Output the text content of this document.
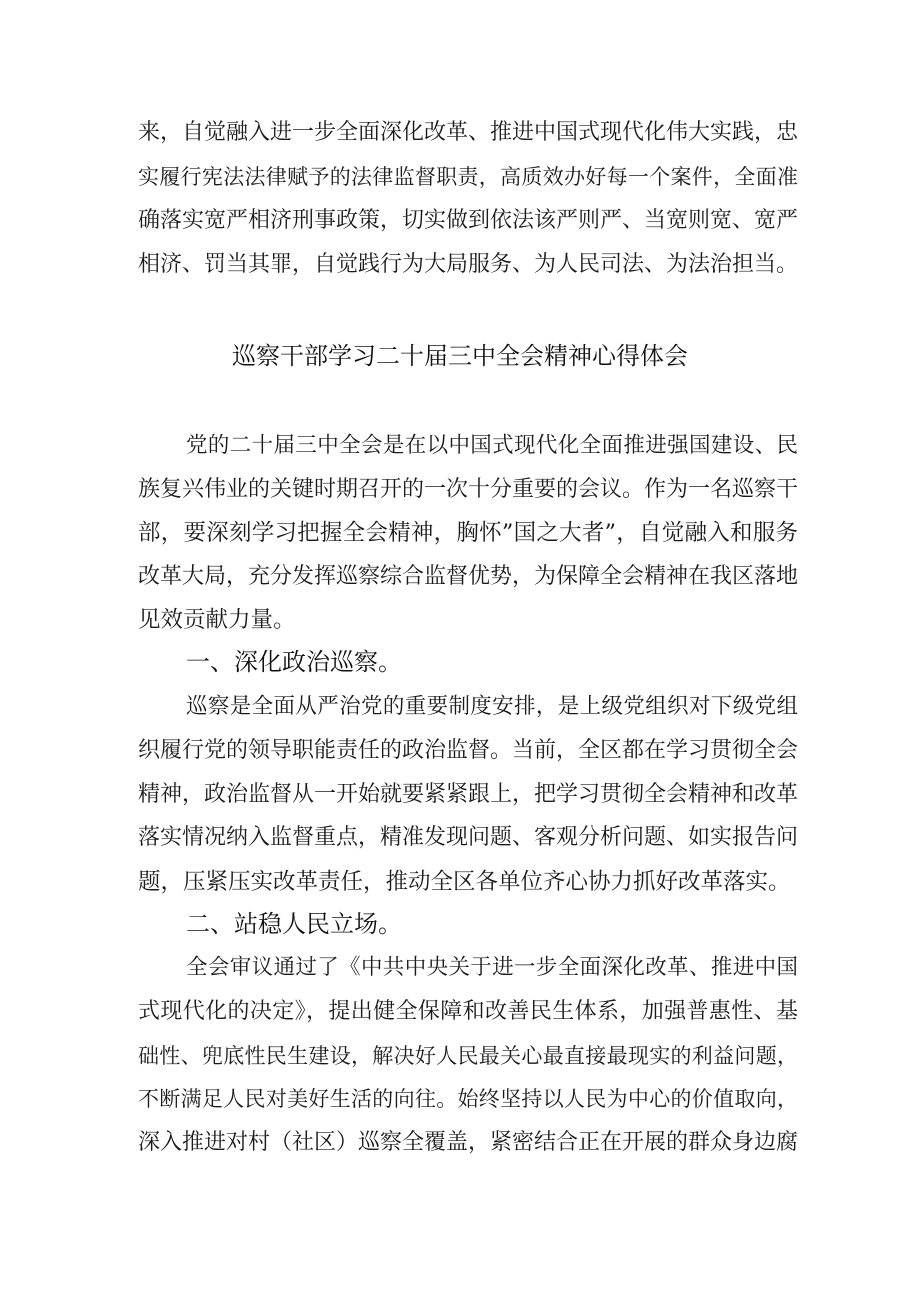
来，自觉融入进一步全面深化改革、推进中国式现代化伟大实践，忠
实履行宪法法律赋予的法律监督职责，高质效办好每一个案件，全面准
确落实宽严相济刑事政策，切实做到依法该严则严、当宽则宽、宽严
相济、罚当其罪，自觉践行为大局服务、为人民司法、为法治担当。
巡察干部学习二十届三中全会精神心得体会
党的二十届三中全会是在以中国式现代化全面推进强国建设、民
族复兴伟业的关键时期召开的一次十分重要的会议。作为一名巡察干
部，要深刻学习把握全会精神，胸怀”国之大者”，自觉融入和服务
改革大局，充分发挥巡察综合监督优势，为保障全会精神在我区落地
见效贡献力量。
一、深化政治巡察。
巡察是全面从严治党的重要制度安排，是上级党组织对下级党组
织履行党的领导职能责任的政治监督。当前，全区都在学习贯彻全会
精神，政治监督从一开始就要紧紧跟上，把学习贯彻全会精神和改革
落实情况纳入监督重点，精准发现问题、客观分析问题、如实报告问
题，压紧压实改革责任，推动全区各单位齐心协力抓好改革落实。
二、站稳人民立场。
全会审议通过了《中共中央关于进一步全面深化改革、推进中国
式现代化的决定》，提出健全保障和改善民生体系，加强普惠性、基
础性、兜底性民生建设，解决好人民最关心最直接最现实的利益问题，
不断满足人民对美好生活的向往。始终坚持以人民为中心的价值取向，
深入推进对村（社区）巡察全覆盖，紧密结合正在开展的群众身边腐
